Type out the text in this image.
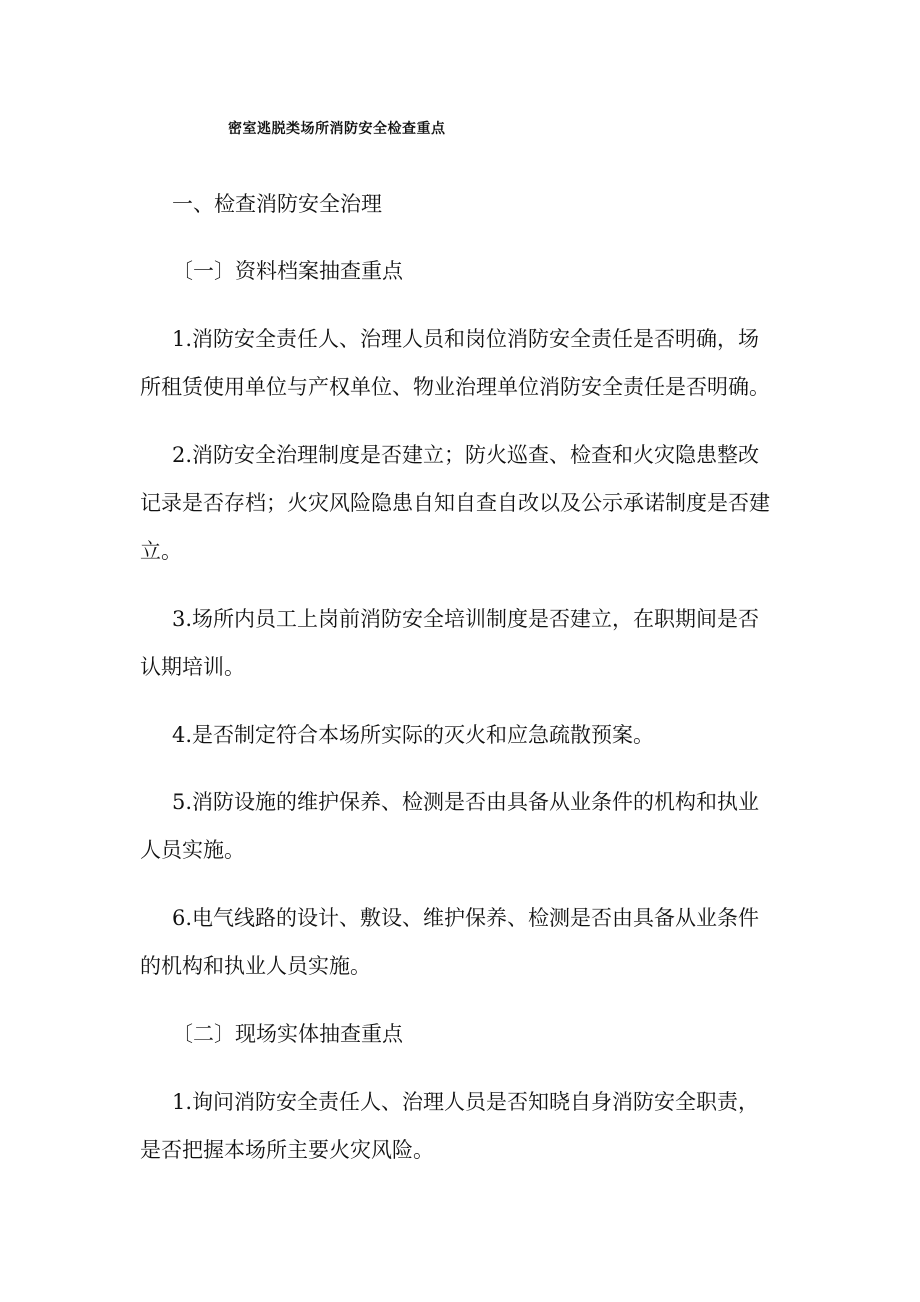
密室逃脱类场所消防安全检查重点
一、检查消防安全治理
〔一〕资料档案抽查重点
1.消防安全责任人、治理人员和岗位消防安全责任是否明确，场
所租赁使用单位与产权单位、物业治理单位消防安全责任是否明确。
2.消防安全治理制度是否建立；防火巡查、检查和火灾隐患整改
记录是否存档；火灾风险隐患自知自查自改以及公示承诺制度是否建
立。
3.场所内员工上岗前消防安全培训制度是否建立，在职期间是否
认期培训。
4.是否制定符合本场所实际的灭火和应急疏散预案。
5.消防设施的维护保养、检测是否由具备从业条件的机构和执业
人员实施。
6.电气线路的设计、敷设、维护保养、检测是否由具备从业条件
的机构和执业人员实施。
〔二〕现场实体抽查重点
1.询问消防安全责任人、治理人员是否知晓自身消防安全职责，
是否把握本场所主要火灾风险。
